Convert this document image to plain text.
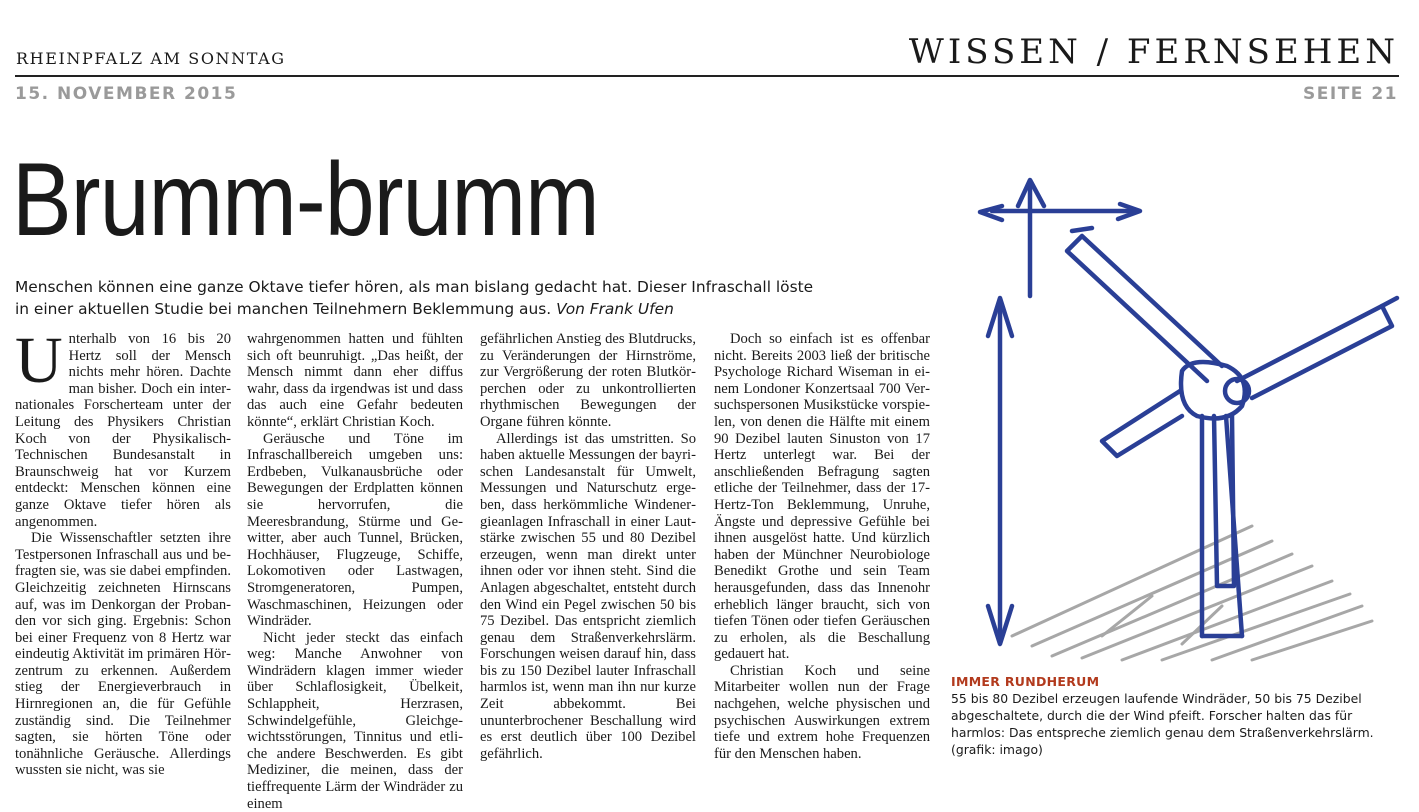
RHEINPFALZ AM SONNTAG	WISSEN / FERNSEHEN
15. NOVEMBER 2015	SEITE 21
Brumm-brumm
Menschen können eine ganze Oktave tiefer hören, als man bislang gedacht hat. Dieser Infraschall löste in einer aktuellen Studie bei manchen Teilnehmern Beklemmung aus. Von Frank Ufen

Unterhalb von 16 bis 20 Hertz soll der Mensch nichts mehr hören. Dachte man bisher. Doch ein internationales Forscherteam unter der Leitung des Physikers Christian Koch von der Physikalisch-Technischen Bundesanstalt in Braunschweig hat vor Kurzem entdeckt: Menschen können eine ganze Oktave tiefer hören als angenommen.

Die Wissenschaftler setzten ihre Testpersonen Infraschall aus und befragten sie, was sie dabei empfinden. Gleichzeitig zeichneten Hirnscans auf, was im Denkorgan der Probanden vor sich ging. Ergebnis: Schon bei einer Frequenz von 8 Hertz war eindeutig Aktivität im primären Hörzentrum zu erkennen. Außerdem stieg der Energieverbrauch in Hirnregionen an, die für Gefühle zuständig sind. Die Teilnehmer sagten, sie hörten Töne oder tonähnliche Geräusche. Allerdings wussten sie nicht, was sie

wahrgenommen hatten und fühlten sich oft beunruhigt. „Das heißt, der Mensch nimmt dann eher diffus wahr, dass da irgendwas ist und dass das auch eine Gefahr bedeuten könnte“, erklärt Christian Koch.

Geräusche und Töne im Infraschallbereich umgeben uns: Erdbeben, Vulkanausbrüche oder Bewegungen der Erdplatten können sie hervorrufen, die Meeresbrandung, Stürme und Gewitter, aber auch Tunnel, Brücken, Hochhäuser, Flugzeuge, Schiffe, Lokomotiven oder Lastwagen, Stromgeneratoren, Pumpen, Waschmaschinen, Heizungen oder Windräder.

Nicht jeder steckt das einfach weg: Manche Anwohner von Windrädern klagen immer wieder über Schlaflosigkeit, Übelkeit, Schlappheit, Herzrasen, Schwindelgefühle, Gleichgewichtsstörungen, Tinnitus und etliche andere Beschwerden. Es gibt Mediziner, die meinen, dass der tieffrequente Lärm der Windräder zu einem

gefährlichen Anstieg des Blutdrucks, zu Veränderungen der Hirnströme, zur Vergrößerung der roten Blutkörperchen oder zu unkontrollierten rhythmischen Bewegungen der Organe führen könnte.

Allerdings ist das umstritten. So haben aktuelle Messungen der bayrischen Landesanstalt für Umwelt, Messungen und Naturschutz ergeben, dass herkömmliche Windenergieanlagen Infraschall in einer Lautstärke zwischen 55 und 80 Dezibel erzeugen, wenn man direkt unter ihnen oder vor ihnen steht. Sind die Anlagen abgeschaltet, entsteht durch den Wind ein Pegel zwischen 50 bis 75 Dezibel. Das entspricht ziemlich genau dem Straßenverkehrslärm. Forschungen weisen darauf hin, dass bis zu 150 Dezibel lauter Infraschall harmlos ist, wenn man ihn nur kurze Zeit abbekommt. Bei ununterbrochener Beschallung wird es erst deutlich über 100 Dezibel gefährlich.

Doch so einfach ist es offenbar nicht. Bereits 2003 ließ der britische Psychologe Richard Wiseman in einem Londoner Konzertsaal 700 Versuchspersonen Musikstücke vorspielen, von denen die Hälfte mit einem 90 Dezibel lauten Sinuston von 17 Hertz unterlegt war. Bei der anschließenden Befragung sagten etliche der Teilnehmer, dass der 17-Hertz-Ton Beklemmung, Unruhe, Ängste und depressive Gefühle bei ihnen ausgelöst hatte. Und kürzlich haben der Münchner Neurobiologe Benedikt Grothe und sein Team herausgefunden, dass das Innenohr erheblich länger braucht, sich von tiefen Tönen oder tiefen Geräuschen zu erholen, als die Beschallung gedauert hat.

Christian Koch und seine Mitarbeiter wollen nun der Frage nachgehen, welche physischen und psychischen Auswirkungen extrem tiefe und extrem hohe Frequenzen für den Menschen haben.

IMMER RUNDHERUM
55 bis 80 Dezibel erzeugen laufende Windräder, 50 bis 75 Dezibel abgeschaltete, durch die der Wind pfeift. Forscher halten das für harmlos: Das entspreche ziemlich genau dem Straßenverkehrslärm. (grafik: imago)
